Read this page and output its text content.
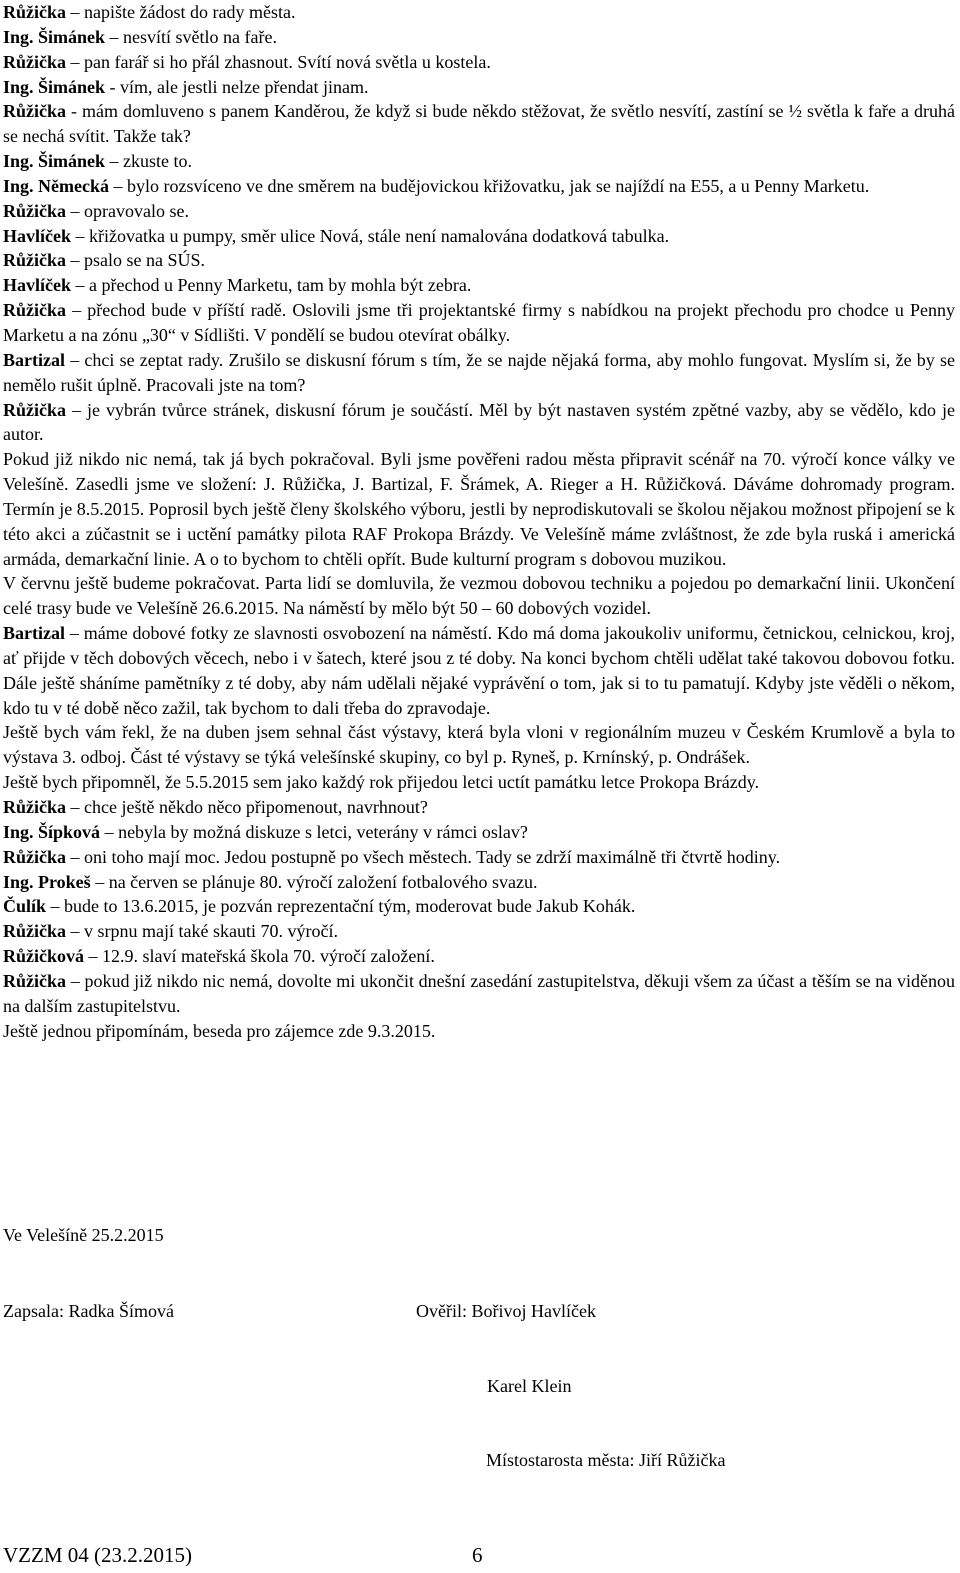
Růžička – napište žádost do rady města.
Ing. Šimánek – nesvítí světlo na faře.
Růžička – pan farář si ho přál zhasnout. Svítí nová světla u kostela.
Ing. Šimánek - vím, ale jestli nelze přendat jinam.
Růžička - mám domluveno s panem Kanděrou, že když si bude někdo stěžovat, že světlo nesvítí, zastíní se ½ světla k faře a druhá se nechá svítit. Takže tak?
Ing. Šimánek – zkuste to.
Ing. Německá – bylo rozsvíceno ve dne směrem na budějovickou křižovatku, jak se najíždí na E55, a u Penny Marketu.
Růžička – opravovalo se.
Havlíček – křižovatka u pumpy, směr ulice Nová, stále není namalována dodatková tabulka.
Růžička – psalo se na SÚS.
Havlíček – a přechod u Penny Marketu, tam by mohla být zebra.
Růžička – přechod bude v příští radě. Oslovili jsme tři projektantské firmy s nabídkou na projekt přechodu pro chodce u Penny Marketu a na zónu „30“ v Sídlišti. V pondělí se budou otevírat obálky.
Bartizal – chci se zeptat rady. Zrušilo se diskusní fórum s tím, že se najde nějaká forma, aby mohlo fungovat. Myslím si, že by se nemělo rušit úplně. Pracovali jste na tom?
Růžička – je vybrán tvůrce stránek, diskusní fórum je součástí. Měl by být nastaven systém zpětné vazby, aby se vědělo, kdo je autor.
Pokud již nikdo nic nemá, tak já bych pokračoval. Byli jsme pověřeni radou města připravit scénář na 70. výročí konce války ve Velešíně. Zasedli jsme ve složení: J. Růžička, J. Bartizal, F. Šrámek, A. Rieger a H. Růžičková. Dáváme dohromady program. Termín je 8.5.2015. Poprosil bych ještě členy školského výboru, jestli by neprodiskutovali se školou nějakou možnost připojení se k této akci a zúčastnit se i uctění památky pilota RAF Prokopa Brázdy. Ve Velešíně máme zvláštnost, že zde byla ruská i americká armáda, demarkační linie. A o to bychom to chtěli opřít. Bude kulturní program s dobovou muzikou.
V červnu ještě budeme pokračovat. Parta lidí se domluvila, že vezmou dobovou techniku a pojedou po demarkační linii. Ukončení celé trasy bude ve Velešíně 26.6.2015. Na náměstí by mělo být 50 – 60 dobových vozidel.
Bartizal – máme dobové fotky ze slavnosti osvobození na náměstí. Kdo má doma jakoukoliv uniformu, četnickou, celnickou, kroj, ať přijde v těch dobových věcech, nebo i v šatech, které jsou z té doby. Na konci bychom chtěli udělat také takovou dobovou fotku. Dále ještě sháníme pamětníky z té doby, aby nám udělali nějaké vyprávění o tom, jak si to tu pamatují. Kdyby jste věděli o někom, kdo tu v té době něco zažil, tak bychom to dali třeba do zpravodaje.
Ještě bych vám řekl, že na duben jsem sehnal část výstavy, která byla vloni v regionálním muzeu v Českém Krumlově a byla to výstava 3. odboj. Část té výstavy se týká velešínské skupiny, co byl p. Ryneš, p. Krnínský, p. Ondrášek.
Ještě bych připomněl, že 5.5.2015 sem jako každý rok přijedou letci uctít památku letce Prokopa Brázdy.
Růžička – chce ještě někdo něco připomenout, navrhnout?
Ing. Šípková – nebyla by možná diskuze s letci, veterány v rámci oslav?
Růžička – oni toho mají moc. Jedou postupně po všech městech. Tady se zdrží maximálně tři čtvrtě hodiny.
Ing. Prokeš – na červen se plánuje 80. výročí založení fotbalového svazu.
Čulík – bude to 13.6.2015, je pozván reprezentační tým, moderovat bude Jakub Kohák.
Růžička – v srpnu mají také skauti 70. výročí.
Růžičková – 12.9. slaví mateřská škola 70. výročí založení.
Růžička – pokud již nikdo nic nemá, dovolte mi ukončit dnešní zasedání zastupitelstva, děkuji všem za účast a těším se na viděnou na dalším zastupitelstvu.
Ještě jednou připomínám, beseda pro zájemce zde 9.3.2015.
Ve Velešíně 25.2.2015
Zapsala: Radka Šímová	Ověřil: Bořivoj Havlíček
Karel Klein
Místostarosta města: Jiří Růžička
VZZM 04 (23.2.2015)	6
